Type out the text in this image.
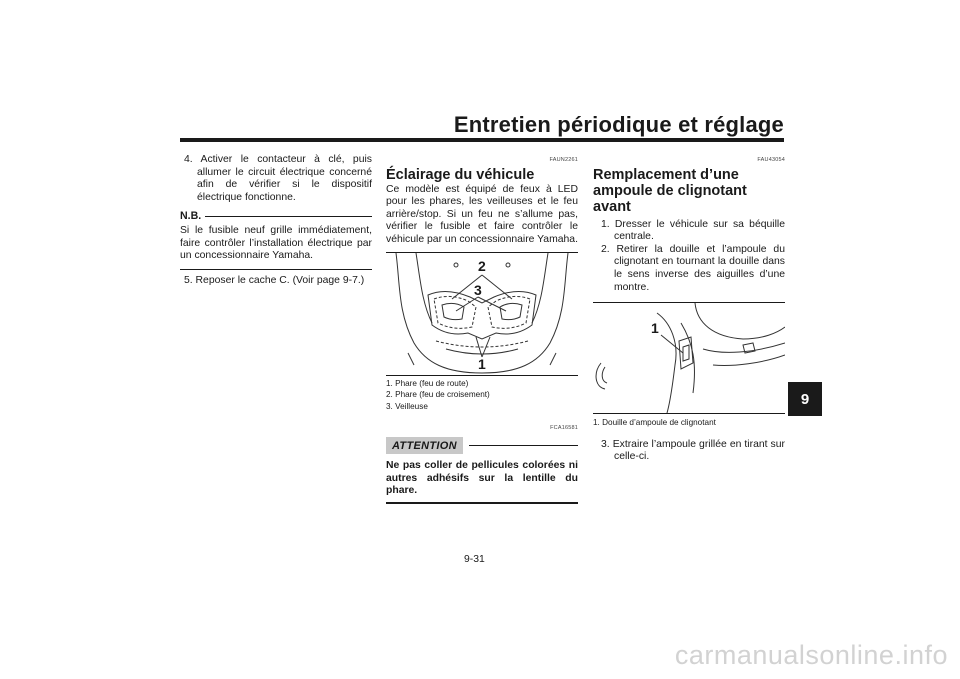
Entretien périodique et réglage
9

4. Activer le contacteur à clé, puis allumer le circuit électrique concerné afin de vérifier si le dispositif électrique fonctionne.

N.B.

Si le fusible neuf grille immédiatement, faire contrôler l’installation électrique par un concessionnaire Yamaha.

5. Reposer le cache C. (Voir page 9-7.)

FAUN2261
Éclairage du véhicule

Ce modèle est équipé de feux à LED pour les phares, les veilleuses et le feu arrière/stop. Si un feu ne s’allume pas, vérifier le fusible et faire contrôler le véhicule par un concessionnaire Yamaha.

2
3
1
1. Phare (feu de route)
2. Phare (feu de croisement)
3. Veilleuse
FCA16581
ATTENTION

Ne pas coller de pellicules colorées ni autres adhésifs sur la lentille du phare.

FAU43054
Remplacement d’une ampoule de clignotant avant

1. Dresser le véhicule sur sa béquille centrale.

2. Retirer la douille et l’ampoule du clignotant en tournant la douille dans le sens inverse des aiguilles d’une montre.

1
1. Douille d’ampoule de clignotant

3. Extraire l’ampoule grillée en tirant sur celle-ci.

9-31
carmanualsonline.info
